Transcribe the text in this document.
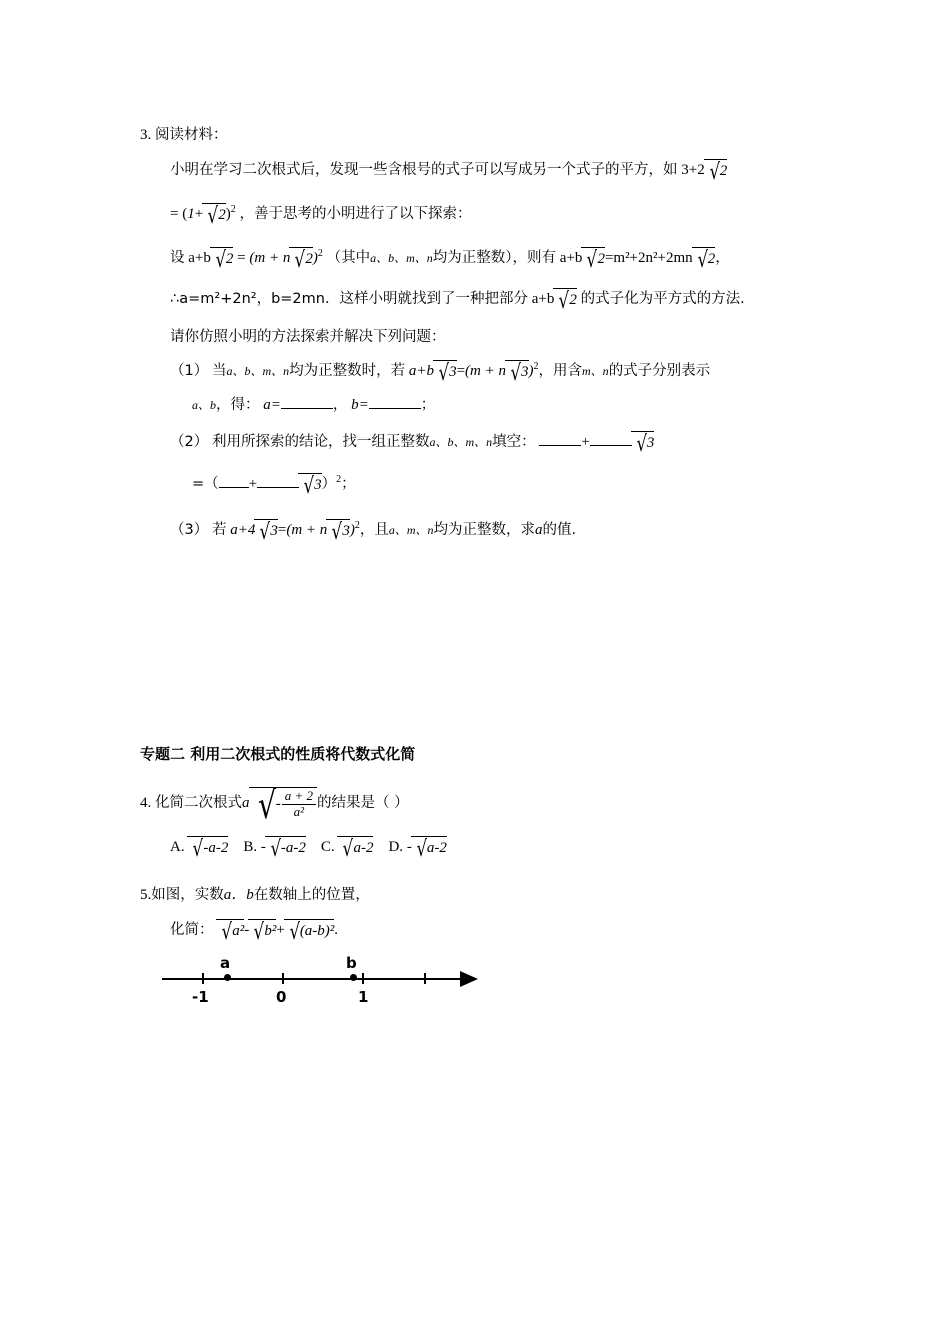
3. 阅读材料：
小明在学习二次根式后，发现一些含根号的式子可以写成另一个式子的平方，如 3+2 √2
= $(1+ √2)^2$ ，善于思考的小明进行了以下探索：
设 a+b √2 = (m + n √2)$^2$ （其中a、b、m、n均为正整数），则有 a+b √2=m²+2n²+2mn √2，
∴a=m²+2n²，b=2mn．这样小明就找到了一种把部分 a+b √2 的式子化为平方式的方法．
请你仿照小明的方法探索并解决下列问题：
（1） 当a、b、m、n均为正整数时，若 a+b √3=(m + n √3)$^2$，用含m、n的式子分别表示
a、b，得： a=	， b=	；
（2） 利用所探索的结论，找一组正整数a、b、m、n填空：	+ √3
=（ + √3）$^2$；
（3） 若 a+4 √3=(m + n √3)$^2$，且a、m、n均为正整数，求a的值.
专题二 利用二次根式的性质将代数式化简
4. 化简二次根式a √- $\frac{a + 2}{\text{a²}}$ 的结果是（ ）
A. √-a-2 B. - √-a-2 C. √a-2 D. - √a-2
5.如图，实数a．b在数轴上的位置，
化简： √a²- √b²+ √(a-b)².
a	b
-1	0	1
